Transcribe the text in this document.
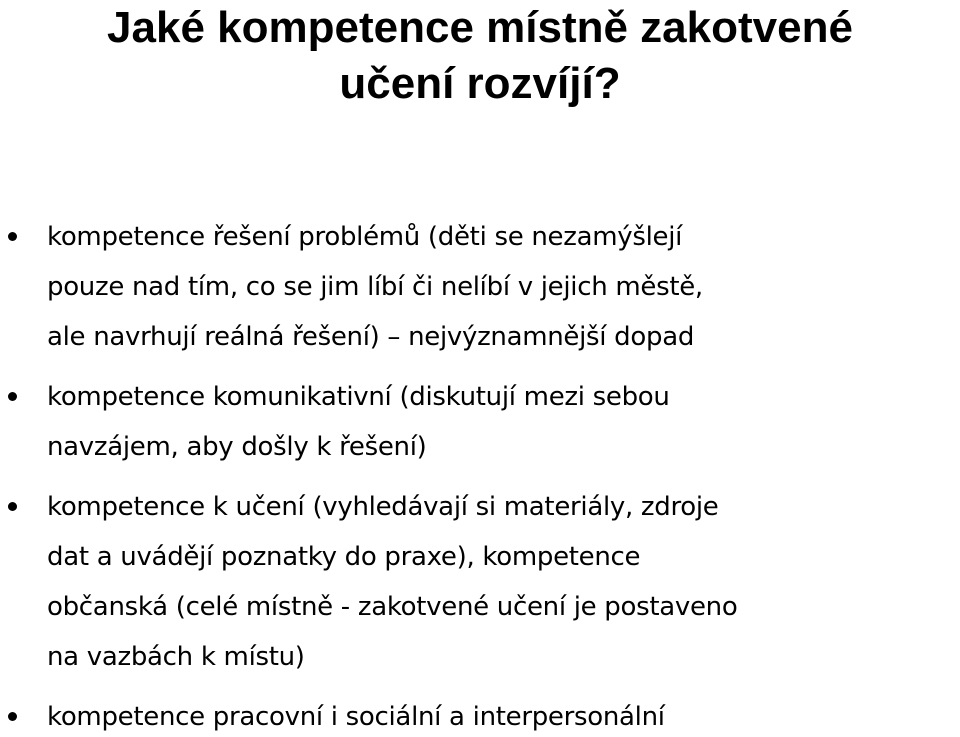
Jaké kompetence místně zakotvené
učení rozvíjí?
kompetence řešení problémů (děti se nezamýšlejí
pouze nad tím, co se jim líbí či nelíbí v jejich městě,
ale navrhují reálná řešení) – nejvýznamnější dopad
kompetence komunikativní (diskutují mezi sebou
navzájem, aby došly k řešení)
kompetence k učení (vyhledávají si materiály, zdroje
dat a uvádějí poznatky do praxe), kompetence
občanská (celé místně - zakotvené učení je postaveno
na vazbách k místu)
kompetence pracovní i sociální a interpersonální
